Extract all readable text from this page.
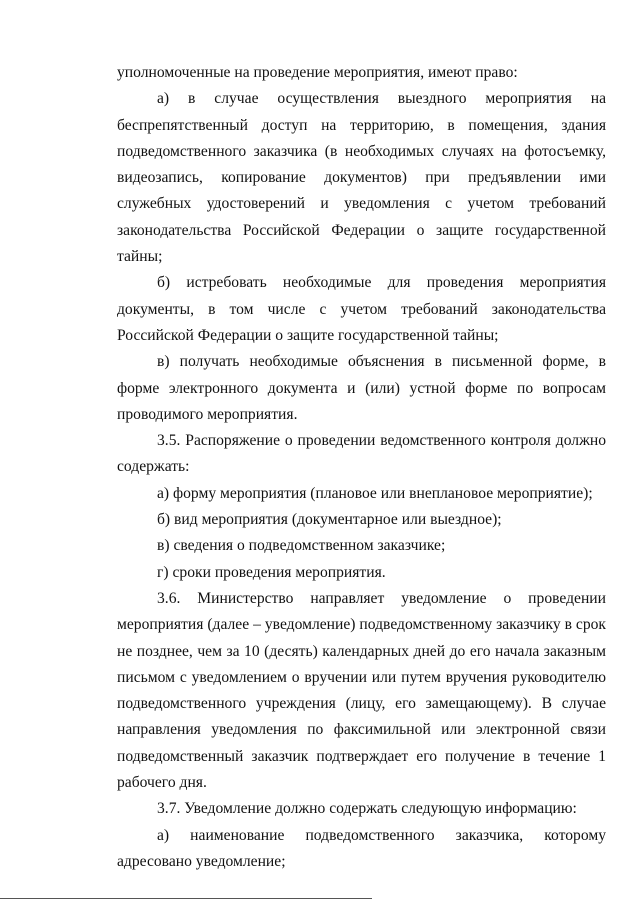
уполномоченные на проведение мероприятия, имеют право:

а) в случае осуществления выездного мероприятия на беспрепятственный доступ на территорию, в помещения, здания подведомственного заказчика (в необходимых случаях на фотосъемку, видеозапись, копирование документов) при предъявлении ими служебных удостоверений и уведомления с учетом требований законодательства Российской Федерации о защите государственной тайны;

б) истребовать необходимые для проведения мероприятия документы, в том числе с учетом требований законодательства Российской Федерации о защите государственной тайны;

в) получать необходимые объяснения в письменной форме, в форме электронного документа и (или) устной форме по вопросам проводимого мероприятия.

3.5. Распоряжение о проведении ведомственного контроля должно содержать:

а) форму мероприятия (плановое или внеплановое мероприятие);

б) вид мероприятия (документарное или выездное);

в) сведения о подведомственном заказчике;

г) сроки проведения мероприятия.

3.6. Министерство направляет уведомление о проведении мероприятия (далее – уведомление) подведомственному заказчику в срок не позднее, чем за 10 (десять) календарных дней до его начала заказным письмом с уведомлением о вручении или путем вручения руководителю подведомственного учреждения (лицу, его замещающему). В случае направления уведомления по факсимильной или электронной связи подведомственный заказчик подтверждает его получение в течение 1 рабочего дня.

3.7. Уведомление должно содержать следующую информацию:

а) наименование подведомственного заказчика, которому адресовано уведомление;
